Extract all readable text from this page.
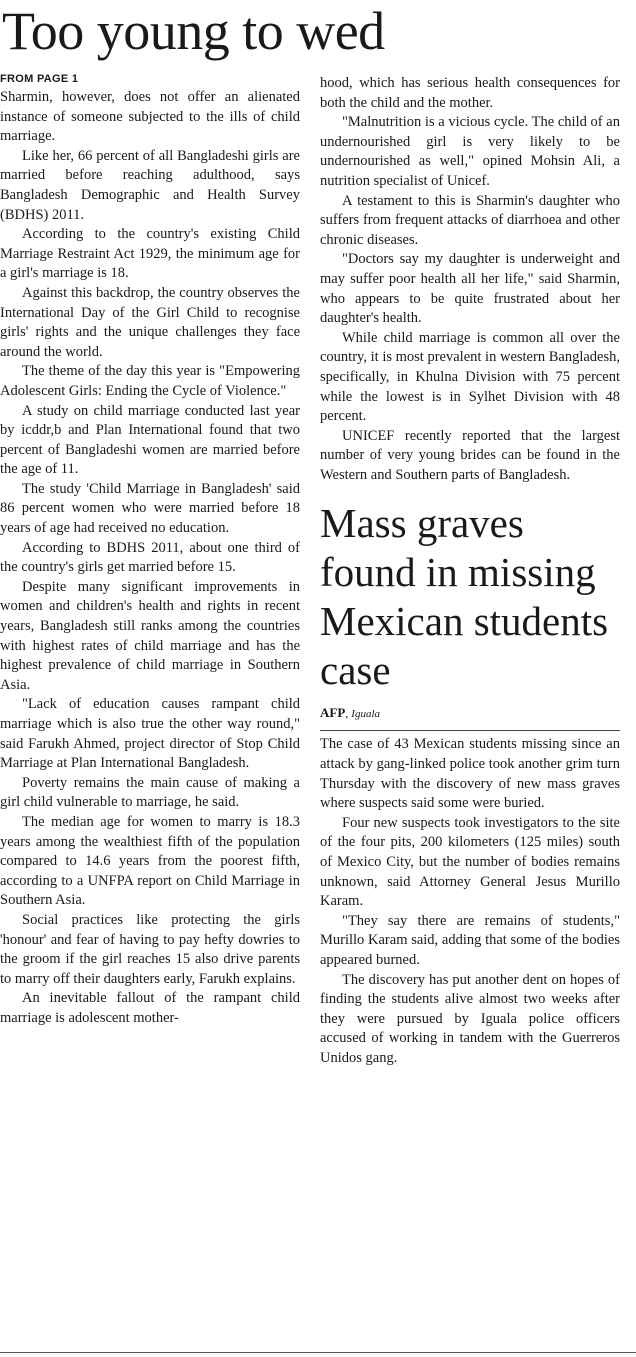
Too young to wed

FROM PAGE 1

Sharmin, however, does not offer an alienated instance of someone subjected to the ills of child marriage.

Like her, 66 percent of all Bangladeshi girls are married before reaching adulthood, says Bangladesh Demographic and Health Survey (BDHS) 2011.

According to the country's existing Child Marriage Restraint Act 1929, the minimum age for a girl's marriage is 18.

Against this backdrop, the country observes the International Day of the Girl Child to recognise girls' rights and the unique challenges they face around the world.

The theme of the day this year is "Empowering Adolescent Girls: Ending the Cycle of Violence."

A study on child marriage conducted last year by icddr,b and Plan International found that two percent of Bangladeshi women are married before the age of 11.

The study 'Child Marriage in Bangladesh' said 86 percent women who were married before 18 years of age had received no education.

According to BDHS 2011, about one third of the country's girls get married before 15.

Despite many significant improvements in women and children's health and rights in recent years, Bangladesh still ranks among the countries with highest rates of child marriage and has the highest prevalence of child marriage in Southern Asia.

"Lack of education causes rampant child marriage which is also true the other way round," said Farukh Ahmed, project director of Stop Child Marriage at Plan International Bangladesh.

Poverty remains the main cause of making a girl child vulnerable to marriage, he said.

The median age for women to marry is 18.3 years among the wealthiest fifth of the population compared to 14.6 years from the poorest fifth, according to a UNFPA report on Child Marriage in Southern Asia.

Social practices like protecting the girls 'honour' and fear of having to pay hefty dowries to the groom if the girl reaches 15 also drive parents to marry off their daughters early, Farukh explains.

An inevitable fallout of the rampant child marriage is adolescent mother-

hood, which has serious health consequences for both the child and the mother.

"Malnutrition is a vicious cycle. The child of an undernourished girl is very likely to be undernourished as well," opined Mohsin Ali, a nutrition specialist of Unicef.

A testament to this is Sharmin's daughter who suffers from frequent attacks of diarrhoea and other chronic diseases.

"Doctors say my daughter is underweight and may suffer poor health all her life," said Sharmin, who appears to be quite frustrated about her daughter's health.

While child marriage is common all over the country, it is most prevalent in western Bangladesh, specifically, in Khulna Division with 75 percent while the lowest is in Sylhet Division with 48 percent.

UNICEF recently reported that the largest number of very young brides can be found in the Western and Southern parts of Bangladesh.

Mass graves found in missing Mexican students case

AFP, Iguala

The case of 43 Mexican students missing since an attack by gang-linked police took another grim turn Thursday with the discovery of new mass graves where suspects said some were buried.

Four new suspects took investigators to the site of the four pits, 200 kilometers (125 miles) south of Mexico City, but the number of bodies remains unknown, said Attorney General Jesus Murillo Karam.

"They say there are remains of students," Murillo Karam said, adding that some of the bodies appeared burned.

The discovery has put another dent on hopes of finding the students alive almost two weeks after they were pursued by Iguala police officers accused of working in tandem with the Guerreros Unidos gang.
